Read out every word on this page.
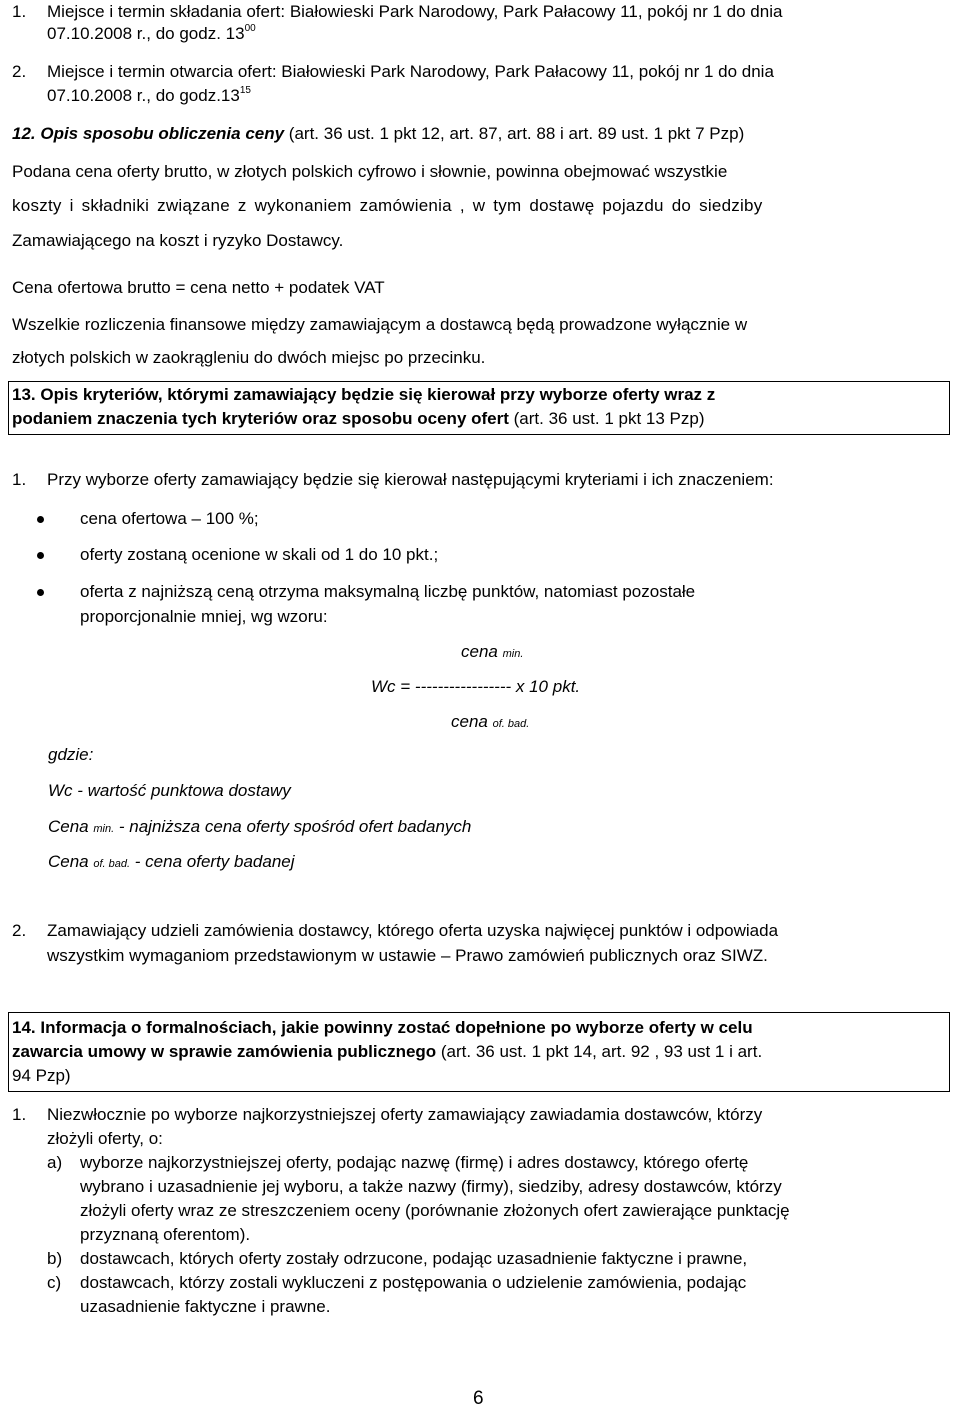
1. Miejsce i termin składania ofert: Białowieski Park Narodowy, Park Pałacowy 11, pokój nr 1 do dnia
07.10.2008 r., do godz. $13^{00}$
2. Miejsce i termin otwarcia ofert: Białowieski Park Narodowy, Park Pałacowy 11, pokój nr 1 do dnia
07.10.2008 r., do $godz.13^{15}$
12. Opis sposobu obliczenia ceny (art. 36 ust. 1 pkt 12, art. 87, art. 88 i art. 89 ust. 1 pkt 7 Pzp)
Podana cena oferty brutto, w złotych polskich cyfrowo i słownie, powinna obejmować wszystkie
koszty i składniki związane z wykonaniem zamówienia , w tym dostawę pojazdu do siedziby
Zamawiającego na koszt i ryzyko Dostawcy.
Cena ofertowa brutto = cena netto + podatek VAT
Wszelkie rozliczenia finansowe między zamawiającym a dostawcą będą prowadzone wyłącznie w
złotych polskich w zaokrągleniu do dwóch miejsc po przecinku.
13. Opis kryteriów, którymi zamawiający będzie się kierował przy wyborze oferty wraz z
podaniem znaczenia tych kryteriów oraz sposobu oceny ofert (art. 36 ust. 1 pkt 13 Pzp)
1. Przy wyborze oferty zamawiający będzie się kierował następującymi kryteriami i ich znaczeniem:
cena ofertowa – 100 %;
oferty zostaną ocenione w skali od 1 do 10 pkt.;
oferta z najniższą ceną otrzyma maksymalną liczbę punktów, natomiast pozostałe
proporcjonalnie mniej, wg wzoru:
cena min.
Wc = ----------------- x 10 pkt.
cena of. bad.
gdzie:
Wc - wartość punktowa dostawy
Cena min. - najniższa cena oferty spośród ofert badanych
Cena of. bad. - cena oferty badanej
2. Zamawiający udzieli zamówienia dostawcy, którego oferta uzyska najwięcej punktów i odpowiada
wszystkim wymaganiom przedstawionym w ustawie – Prawo zamówień publicznych oraz SIWZ.
14. Informacja o formalnościach, jakie powinny zostać dopełnione po wyborze oferty w celu
zawarcia umowy w sprawie zamówienia publicznego (art. 36 ust. 1 pkt 14, art. 92 , 93 ust 1 i art.
94 Pzp)
1. Niezwłocznie po wyborze najkorzystniejszej oferty zamawiający zawiadamia dostawców, którzy
złożyli oferty, o:
a) wyborze najkorzystniejszej oferty, podając nazwę (firmę) i adres dostawcy, którego ofertę
wybrano i uzasadnienie jej wyboru, a także nazwy (firmy), siedziby, adresy dostawców, którzy
złożyli oferty wraz ze streszczeniem oceny (porównanie złożonych ofert zawierające punktację
przyznaną oferentom).
b) dostawcach, których oferty zostały odrzucone, podając uzasadnienie faktyczne i prawne,
c) dostawcach, którzy zostali wykluczeni z postępowania o udzielenie zamówienia, podając
uzasadnienie faktyczne i prawne.
6
